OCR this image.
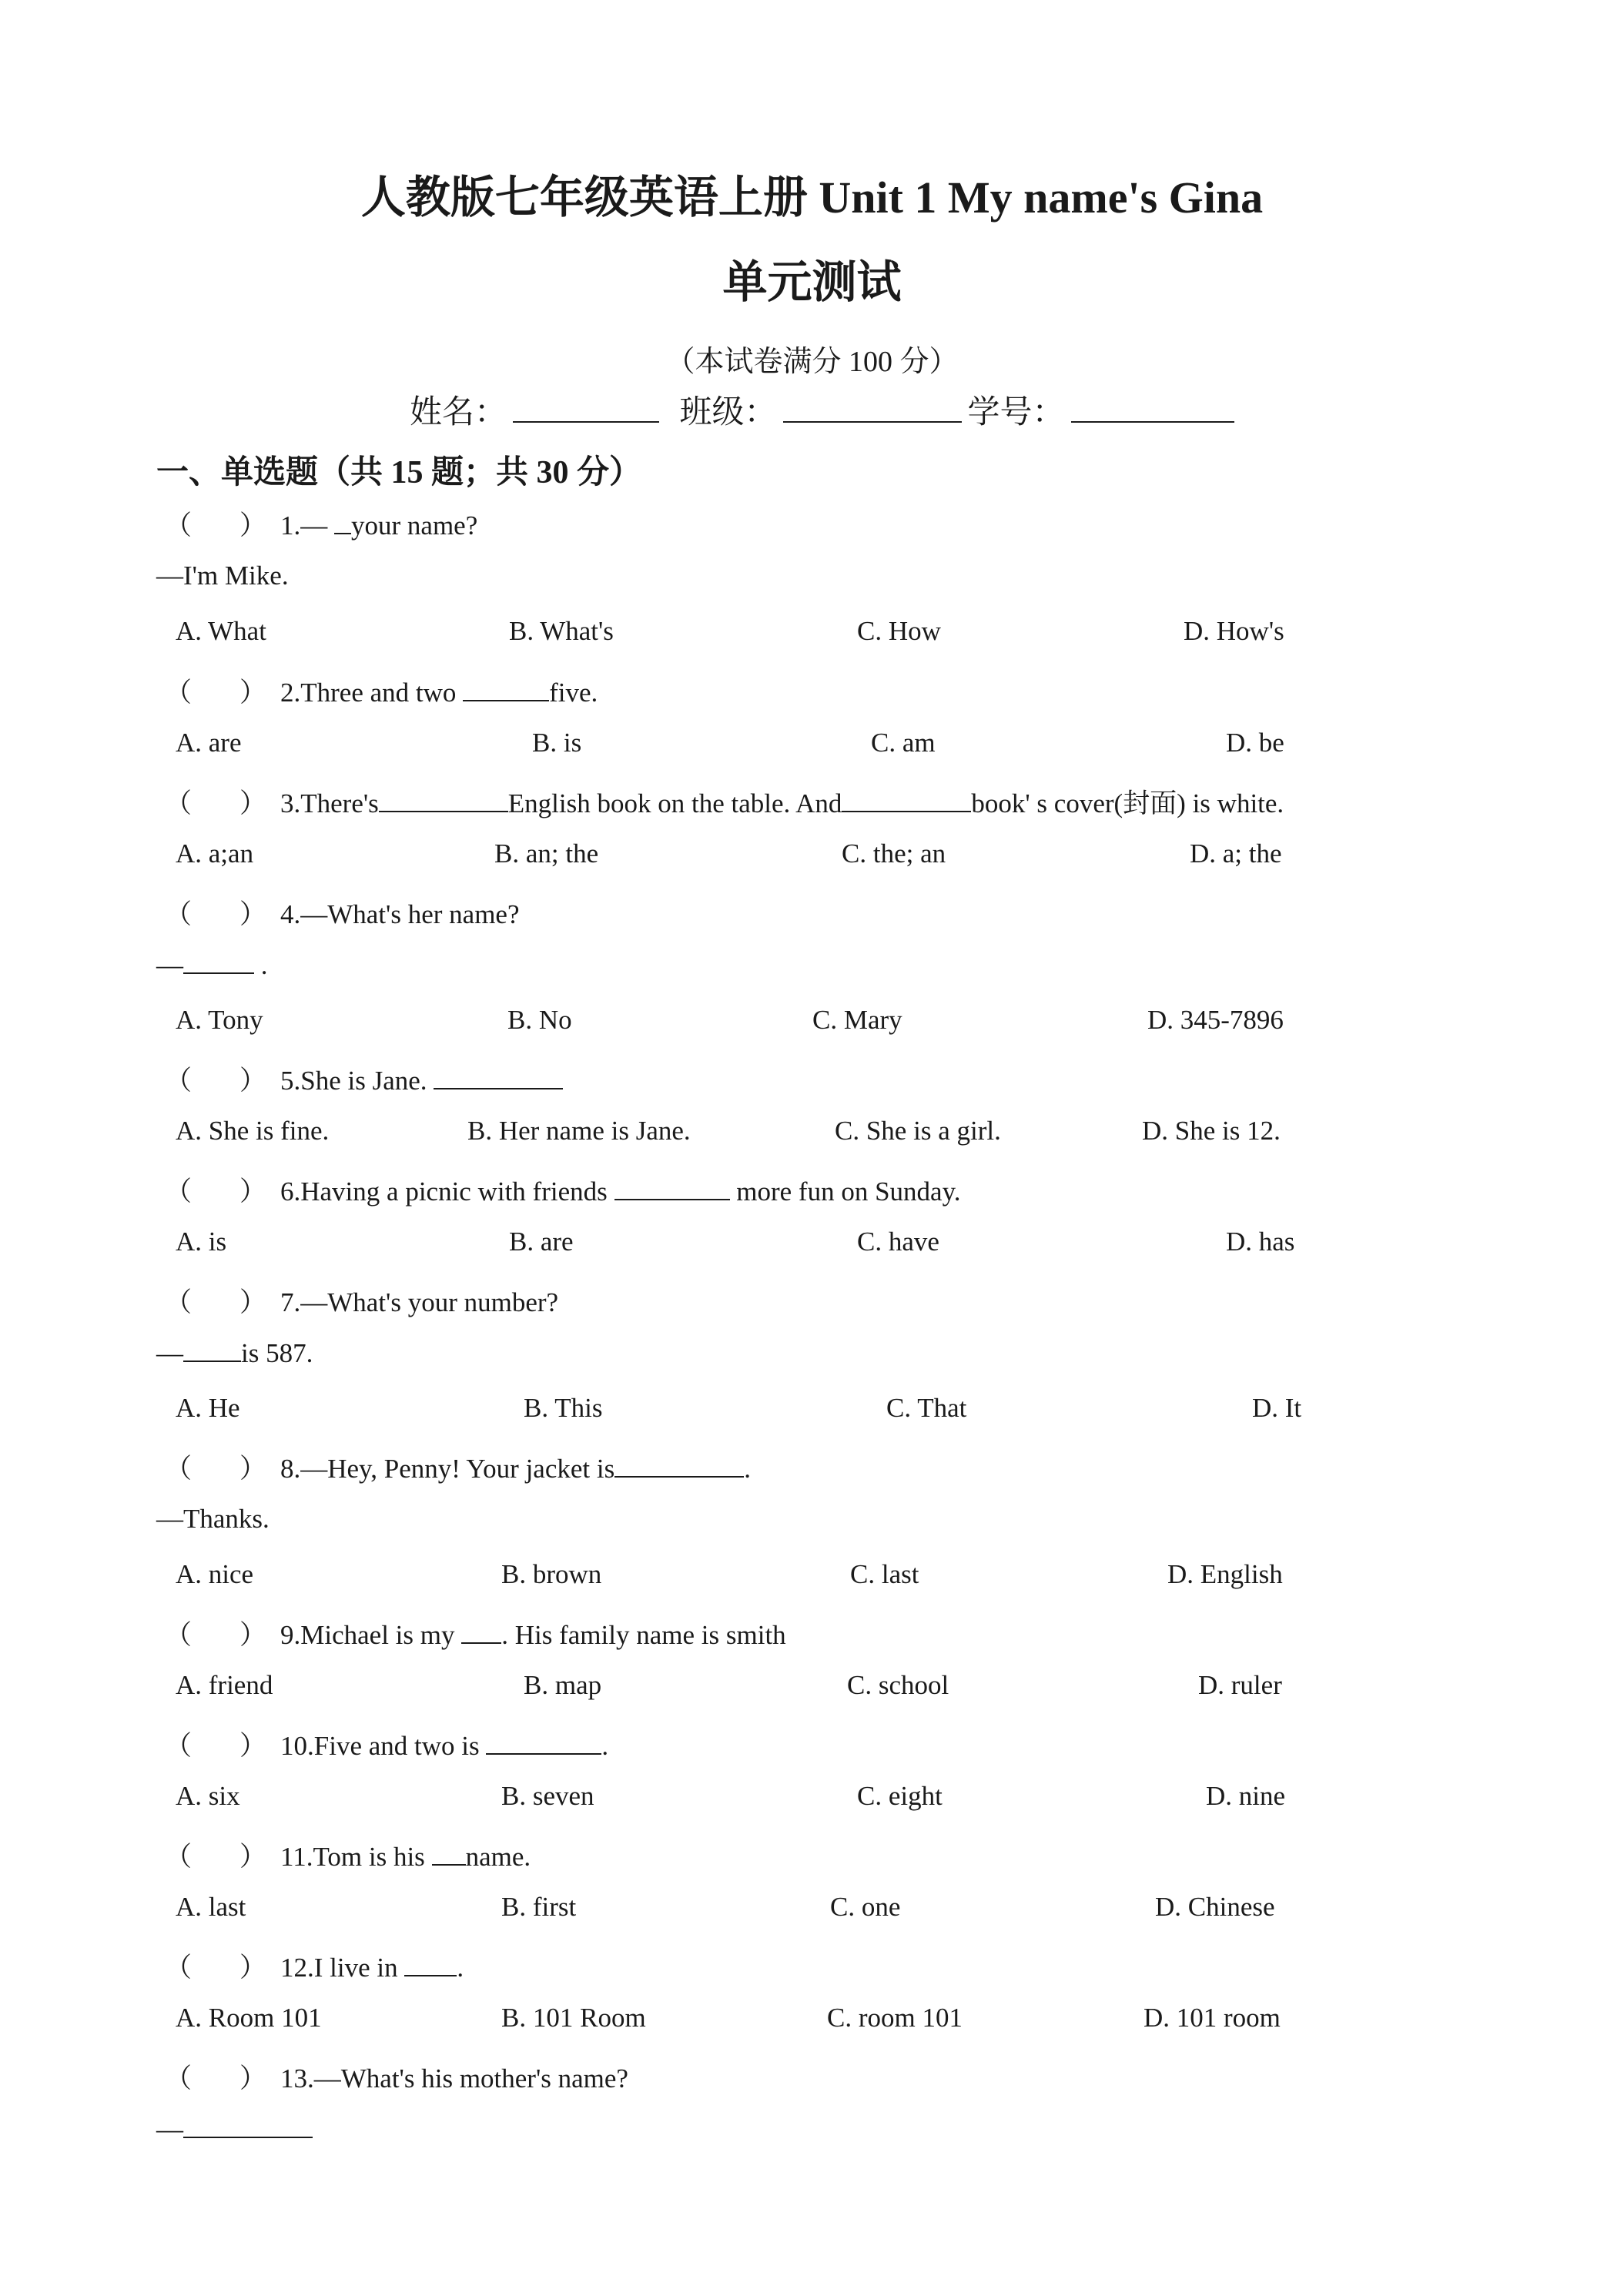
人教版七年级英语上册 Unit 1 My name's Gina
单元测试
（本试卷满分 100 分）
姓名：	班级：	学号：
一、单选题（共 15 题；共 30 分）
（ ） 1.— your name?
—I'm Mike.
A. What	B. What's	C. How	D. How's
（ ） 2.Three and two	five.
A. are	B. is	C. am	D. be
（ ） 3.There's	English book on the table. And	book' s cover(封面) is white.
A. a;an	B. an; the	C. the; an	D. a; the
（ ） 4.—What's her name?
—	.
A. Tony	B. No	C. Mary	D. 345-7896
（ ） 5.She is Jane.
A. She is fine.	B. Her name is Jane.	C. She is a girl.	D. She is 12.
（ ） 6.Having a picnic with friends	more fun on Sunday.
A. is	B. are	C. have	D. has
（ ） 7.—What's your number?
— is 587.
A. He	B. This	C. That	D. It
（ ） 8.—Hey, Penny! Your jacket is	.
—Thanks.
A. nice	B. brown	C. last	D. English
（ ） 9.Michael is my . His family name is smith
A. friend	B. map	C. school	D. ruler
（ ） 10.Five and two is	.
A. six	B. seven	C. eight	D. nine
（ ） 11.Tom is his name.
A. last	B. first	C. one	D. Chinese
（ ） 12.I live in .
A. Room 101	B. 101 Room	C. room 101	D. 101 room
（ ） 13.—What's his mother's name?
—
